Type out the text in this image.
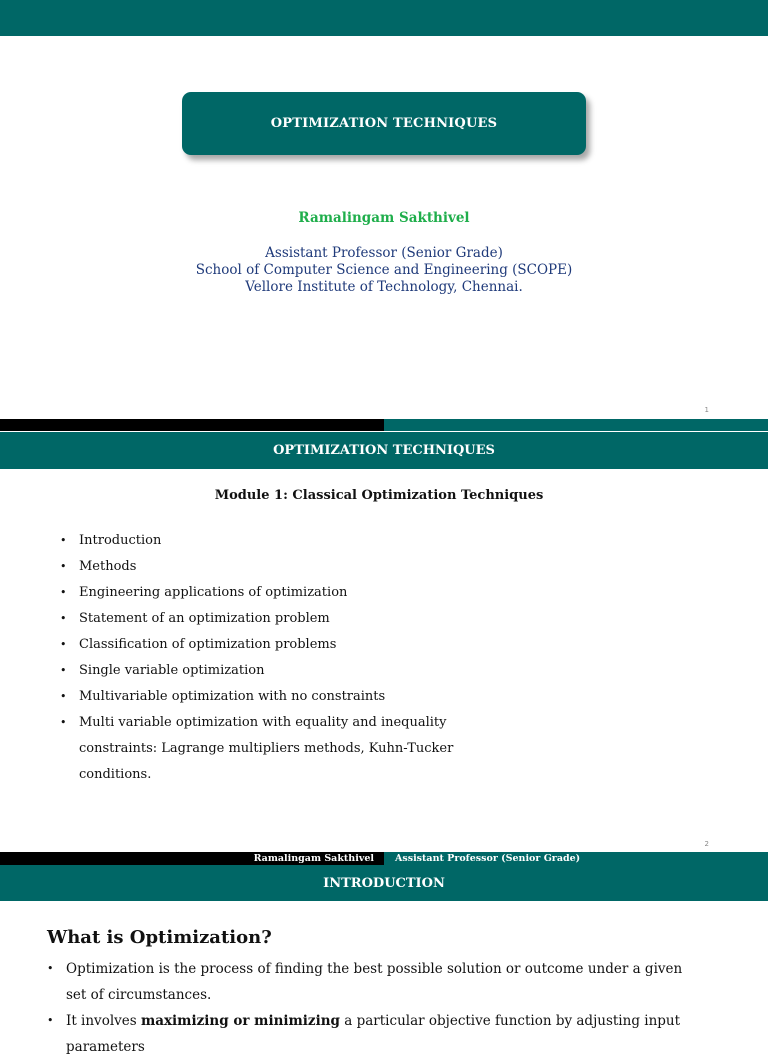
OPTIMIZATION TECHNIQUES
Ramalingam Sakthivel
Assistant Professor (Senior Grade)
School of Computer Science and Engineering (SCOPE)
Vellore Institute of Technology, Chennai.
1
OPTIMIZATION TECHNIQUES
Module 1: Classical Optimization Techniques
• Introduction
• Methods
• Engineering applications of optimization
• Statement of an optimization problem
• Classification of optimization problems
• Single variable optimization
• Multivariable optimization with no constraints
• Multi variable optimization with equality and inequality constraints: Lagrange multipliers methods, Kuhn-Tucker conditions.
2
Ramalingam Sakthivel	Assistant Professor (Senior Grade)
INTRODUCTION
What is Optimization?
• Optimization is the process of finding the best possible solution or outcome under a given set of circumstances.
• It involves maximizing or minimizing a particular objective function by adjusting input parameters
